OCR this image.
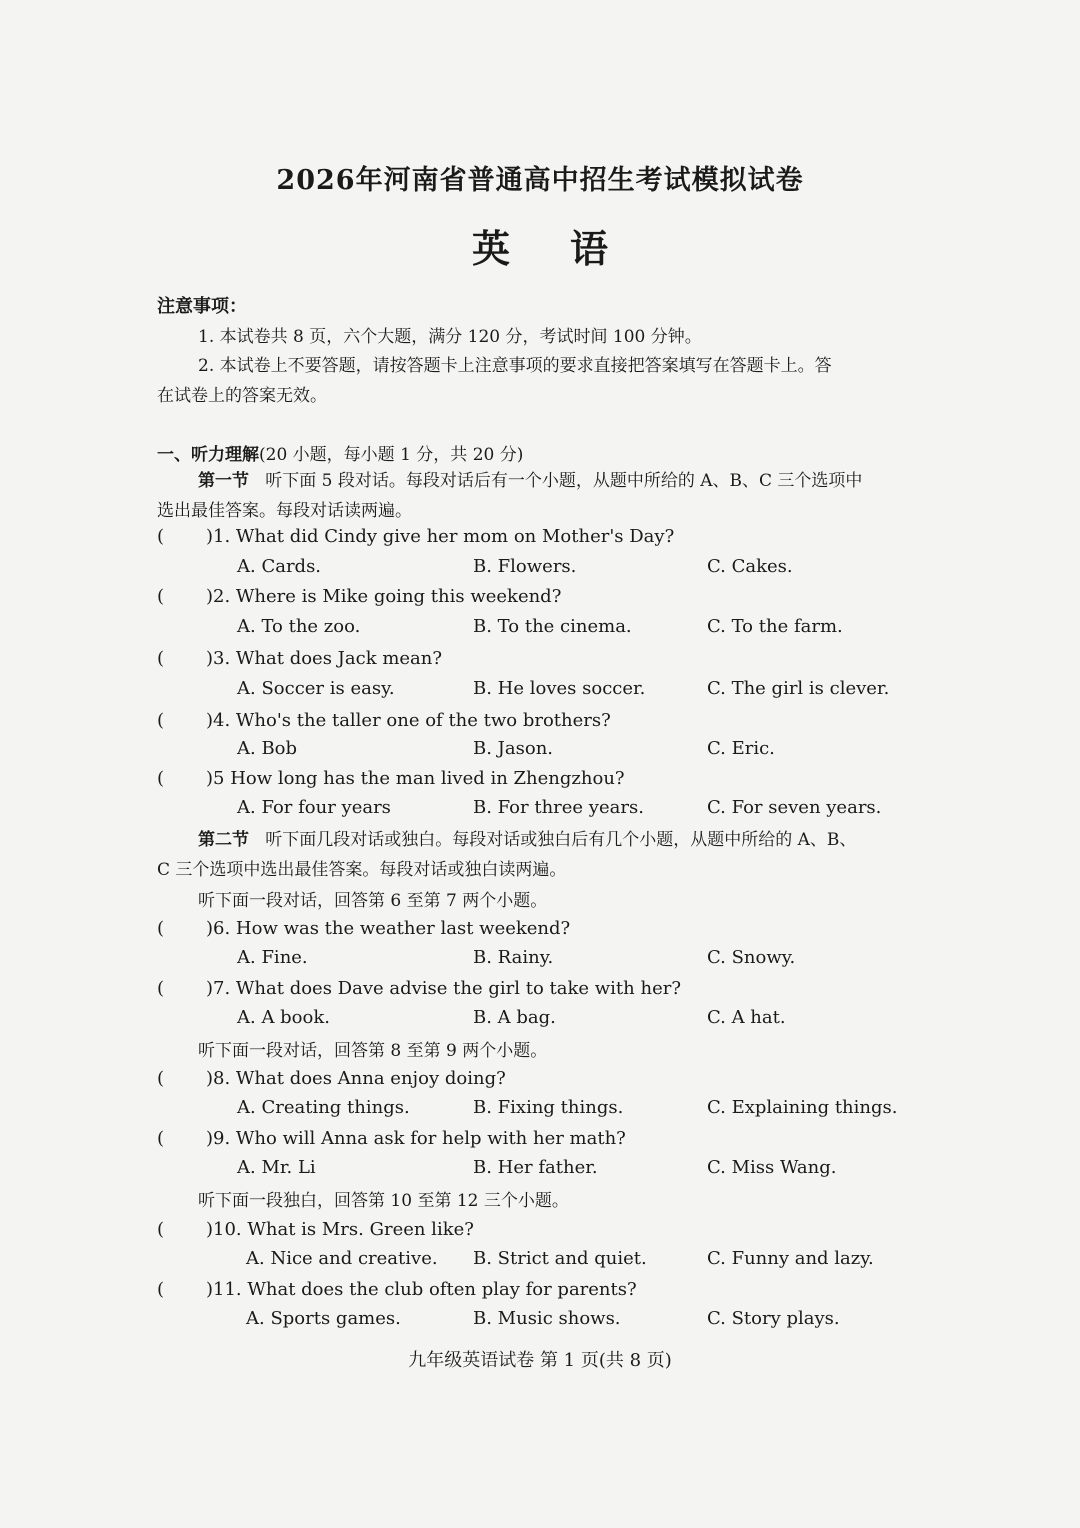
2026年河南省普通高中招生考试模拟试卷
英语
注意事项：
1. 本试卷共 8 页，六个大题，满分 120 分，考试时间 100 分钟。
2. 本试卷上不要答题，请按答题卡上注意事项的要求直接把答案填写在答题卡上。答
在试卷上的答案无效。
一、听力理解(20 小题，每小题 1 分，共 20 分)
第一节 听下面 5 段对话。每段对话后有一个小题，从题中所给的 A、B、C 三个选项中
选出最佳答案。每段对话读两遍。
( )1. What did Cindy give her mom on Mother's Day?
A. Cards.	B. Flowers.	C. Cakes.
( )2. Where is Mike going this weekend?
A. To the zoo.	B. To the cinema.	C. To the farm.
( )3. What does Jack mean?
A. Soccer is easy.	B. He loves soccer.	C. The girl is clever.
( )4. Who's the taller one of the two brothers?
A. Bob	B. Jason.	C. Eric.
( )5 How long has the man lived in Zhengzhou?
A. For four years	B. For three years.	C. For seven years.
( )6. How was the weather last weekend?
A. Fine.	B. Rainy.	C. Snowy.
( )7. What does Dave advise the girl to take with her?
A. A book.	B. A bag.	C. A hat.
( )8. What does Anna enjoy doing?
A. Creating things.	B. Fixing things.	C. Explaining things.
( )9. Who will Anna ask for help with her math?
A. Mr. Li	B. Her father.	C. Miss Wang.
( )10. What is Mrs. Green like?
A. Nice and creative. B. Strict and quiet.	C. Funny and lazy.
( )11. What does the club often play for parents?
A. Sports games.	B. Music shows.	C. Story plays.
第二节 听下面几段对话或独白。每段对话或独白后有几个小题，从题中所给的 A、B、
C 三个选项中选出最佳答案。每段对话或独白读两遍。
听下面一段对话，回答第 6 至第 7 两个小题。
听下面一段对话，回答第 8 至第 9 两个小题。
听下面一段独白，回答第 10 至第 12 三个小题。
九年级英语试卷 第 1 页(共 8 页)
